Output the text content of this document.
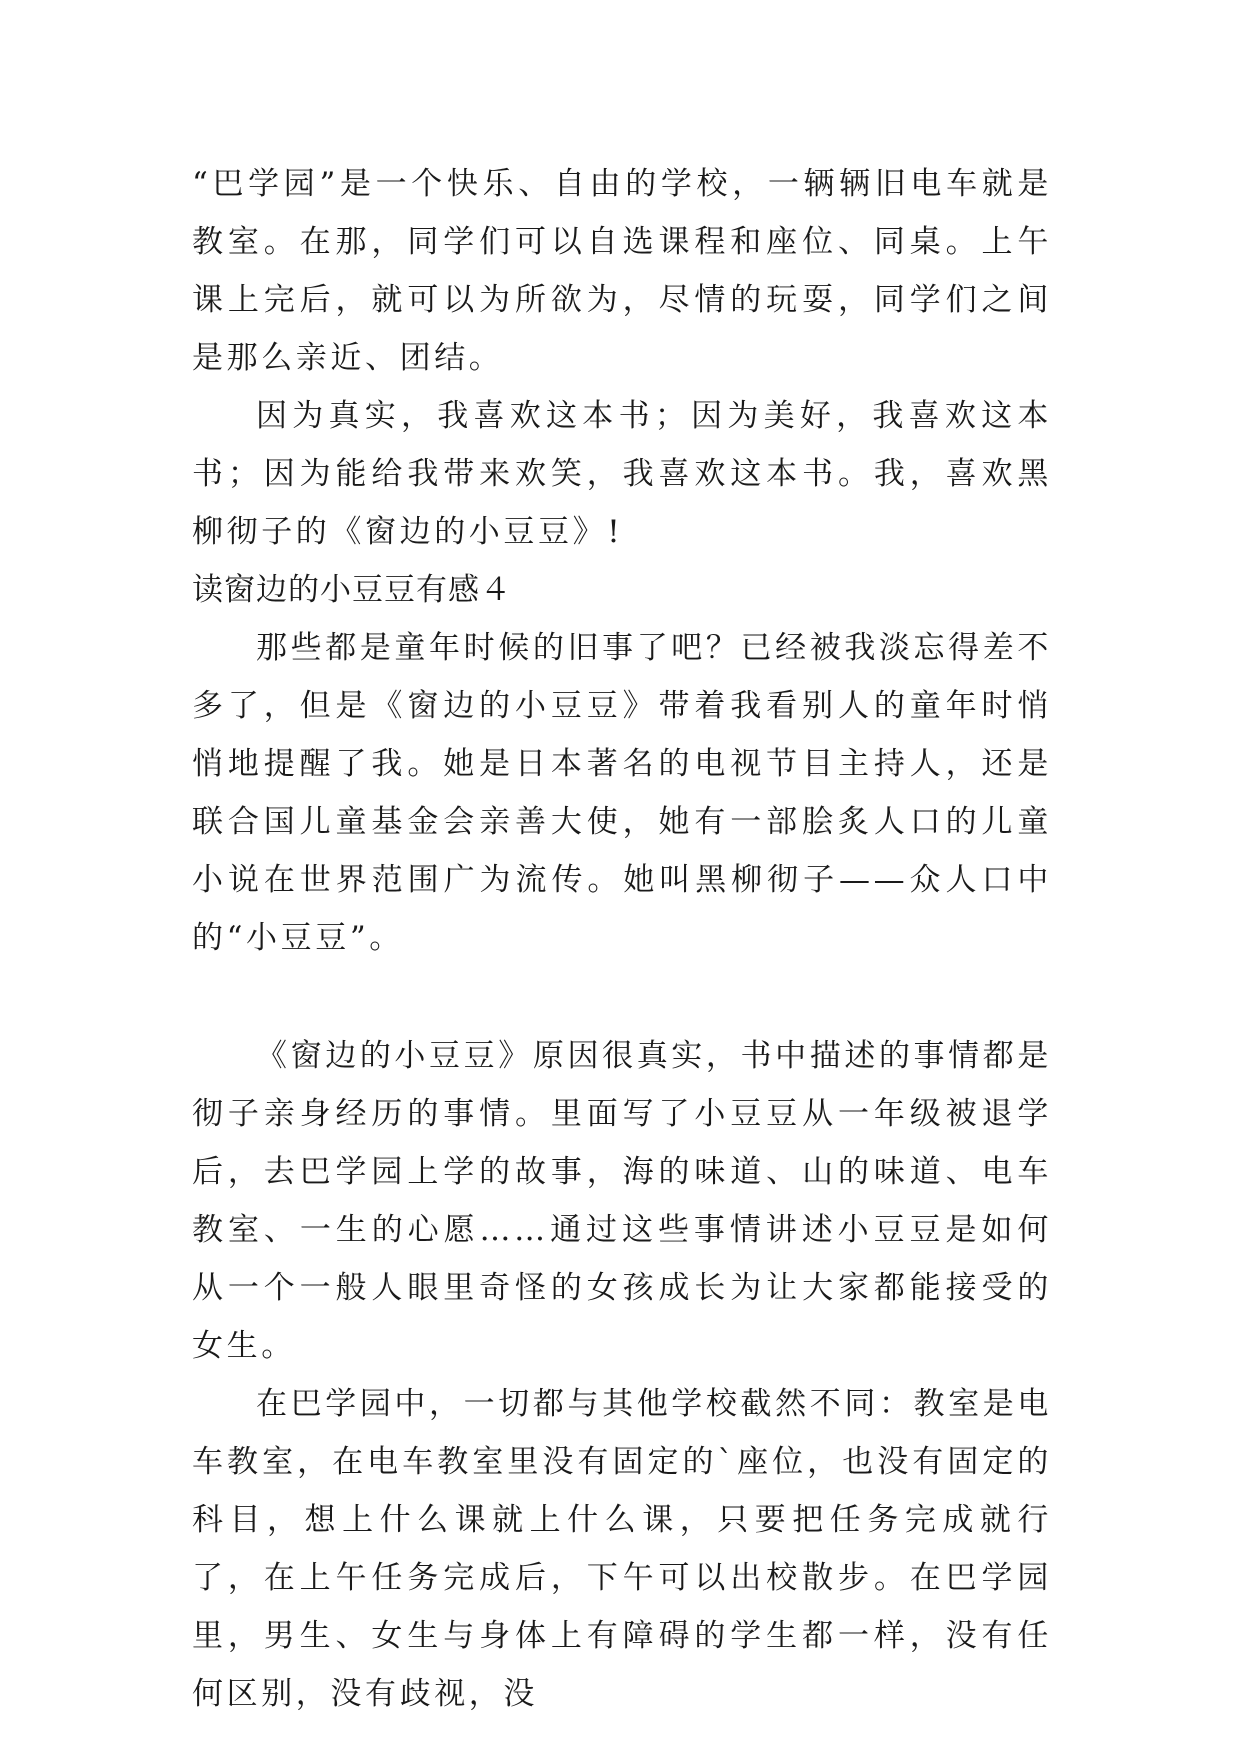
“巴学园”是一个快乐、自由的学校，一辆辆旧电车就是教室。在那，同学们可以自选课程和座位、同桌。上午课上完后，就可以为所欲为，尽情的玩耍，同学们之间是那么亲近、团结。

因为真实，我喜欢这本书；因为美好，我喜欢这本书；因为能给我带来欢笑，我喜欢这本书。我，喜欢黑柳彻子的《窗边的小豆豆》!

读窗边的小豆豆有感４

那些都是童年时候的旧事了吧？已经被我淡忘得差不多了，但是《窗边的小豆豆》带着我看别人的童年时悄悄地提醒了我。她是日本著名的电视节目主持人，还是联合国儿童基金会亲善大使，她有一部脍炙人口的儿童小说在世界范围广为流传。她叫黑柳彻子——众人口中的“小豆豆”。

《窗边的小豆豆》原因很真实，书中描述的事情都是彻子亲身经历的事情。里面写了小豆豆从一年级被退学后，去巴学园上学的故事，海的味道、山的味道、电车教室、一生的心愿……通过这些事情讲述小豆豆是如何从一个一般人眼里奇怪的女孩成长为让大家都能接受的女生。

在巴学园中，一切都与其他学校截然不同：教室是电车教室，在电车教室里没有固定的`座位，也没有固定的科目，想上什么课就上什么课，只要把任务完成就行了，在上午任务完成后，下午可以出校散步。在巴学园里，男生、女生与身体上有障碍的学生都一样，没有任何区别，没有歧视，没
